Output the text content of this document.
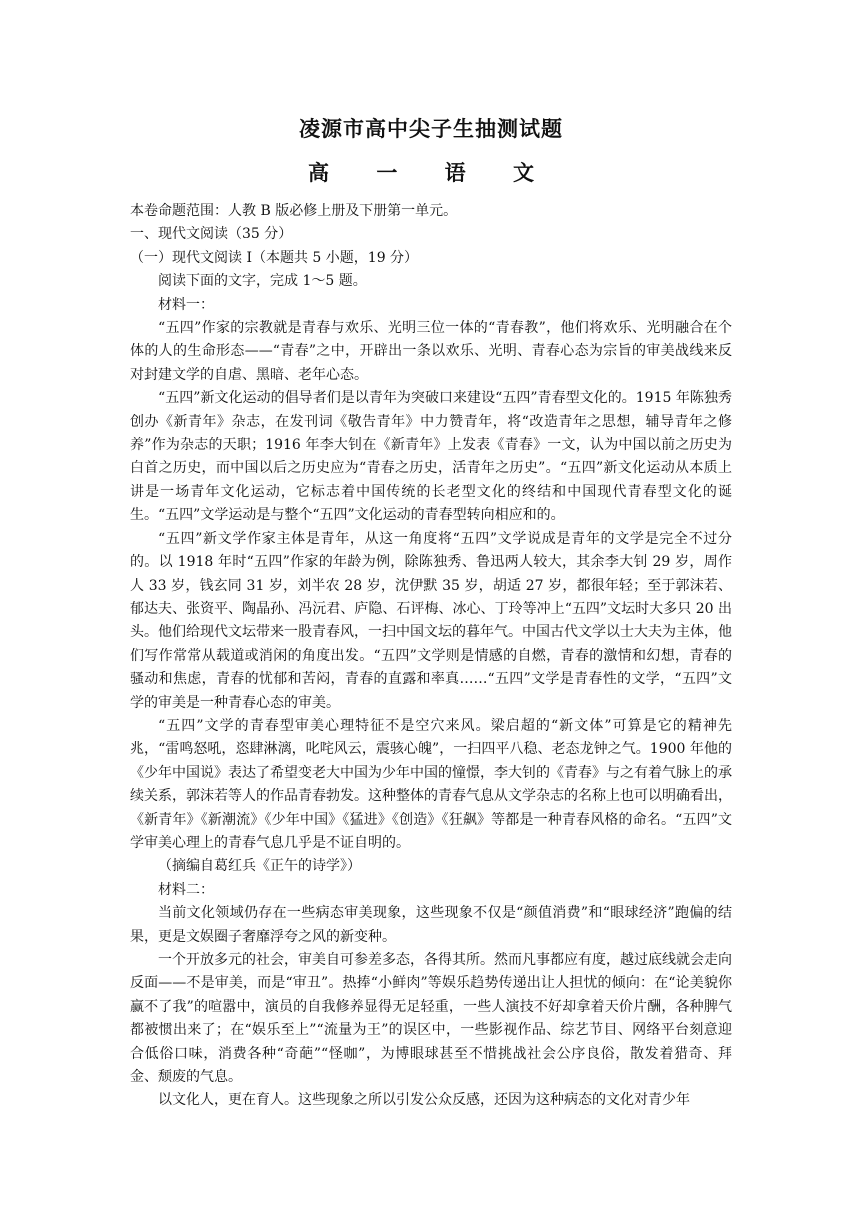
凌源市高中尖子生抽测试题
高 一 语 文

本卷命题范围：人教 B 版必修上册及下册第一单元。

一、现代文阅读（35 分）

（一）现代文阅读 I（本题共 5 小题，19 分）

阅读下面的文字，完成 1～5 题。

材料一：

“五四”作家的宗教就是青春与欢乐、光明三位一体的“青春教”，他们将欢乐、光明融合在个体的人的生命形态——“青春”之中，开辟出一条以欢乐、光明、青春心态为宗旨的审美战线来反对封建文学的自虐、黑暗、老年心态。

“五四”新文化运动的倡导者们是以青年为突破口来建设“五四”青春型文化的。1915 年陈独秀创办《新青年》杂志，在发刊词《敬告青年》中力赞青年，将“改造青年之思想，辅导青年之修养”作为杂志的天职；1916 年李大钊在《新青年》上发表《青春》一文，认为中国以前之历史为白首之历史，而中国以后之历史应为“青春之历史，活青年之历史”。“五四”新文化运动从本质上讲是一场青年文化运动，它标志着中国传统的长老型文化的终结和中国现代青春型文化的诞生。“五四”文学运动是与整个“五四”文化运动的青春型转向相应和的。

“五四”新文学作家主体是青年，从这一角度将“五四”文学说成是青年的文学是完全不过分的。以 1918 年时“五四”作家的年龄为例，除陈独秀、鲁迅两人较大，其余李大钊 29 岁，周作人 33 岁，钱玄同 31 岁，刘半农 28 岁，沈伊默 35 岁，胡适 27 岁，都很年轻；至于郭沫若、郁达夫、张资平、陶晶孙、冯沅君、庐隐、石评梅、冰心、丁玲等冲上“五四”文坛时大多只 20 出头。他们给现代文坛带来一股青春风，一扫中国文坛的暮年气。中国古代文学以士大夫为主体，他们写作常常从载道或消闲的角度出发。“五四”文学则是情感的自燃，青春的激情和幻想，青春的骚动和焦虑，青春的忧郁和苦闷，青春的直露和率真……“五四”文学是青春性的文学，“五四”文学的审美是一种青春心态的审美。

“五四”文学的青春型审美心理特征不是空穴来风。梁启超的“新文体”可算是它的精神先兆，“雷鸣怒吼，恣肆淋漓，叱咤风云，震骇心魄”，一扫四平八稳、老态龙钟之气。1900 年他的《少年中国说》表达了希望变老大中国为少年中国的憧憬，李大钊的《青春》与之有着气脉上的承续关系，郭沫若等人的作品青春勃发。这种整体的青春气息从文学杂志的名称上也可以明确看出，《新青年》《新潮流》《少年中国》《猛进》《创造》《狂飙》等都是一种青春风格的命名。“五四”文学审美心理上的青春气息几乎是不证自明的。

（摘编自葛红兵《正午的诗学》）

材料二：

当前文化领域仍存在一些病态审美现象，这些现象不仅是“颜值消费”和“眼球经济”跑偏的结果，更是文娱圈子奢靡浮夸之风的新变种。

一个开放多元的社会，审美自可参差多态，各得其所。然而凡事都应有度，越过底线就会走向反面——不是审美，而是“审丑”。热捧“小鲜肉”等娱乐趋势传递出让人担忧的倾向：在“论美貌你赢不了我”的喧嚣中，演员的自我修养显得无足轻重，一些人演技不好却拿着天价片酬，各种脾气都被惯出来了；在“娱乐至上”“流量为王”的误区中，一些影视作品、综艺节目、网络平台刻意迎合低俗口味，消费各种“奇葩”“怪咖”，为博眼球甚至不惜挑战社会公序良俗，散发着猎奇、拜金、颓废的气息。

以文化人，更在育人。这些现象之所以引发公众反感，还因为这种病态的文化对青少年
